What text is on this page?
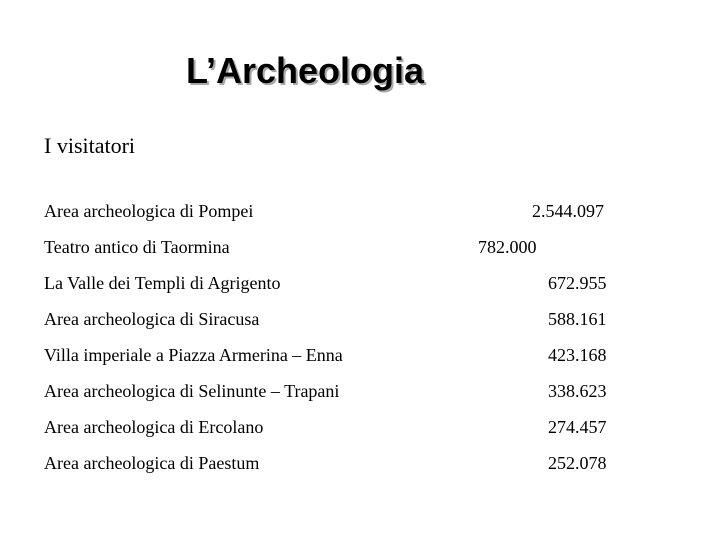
L’Archeologia
I visitatori
Area archeologica di Pompei	2.544.097
Teatro antico di Taormina	782.000
La Valle dei Templi di Agrigento	672.955
Area archeologica di Siracusa	588.161
Villa imperiale a Piazza Armerina – Enna	423.168
Area archeologica di Selinunte – Trapani	338.623
Area archeologica di Ercolano	274.457
Area archeologica di Paestum	252.078
